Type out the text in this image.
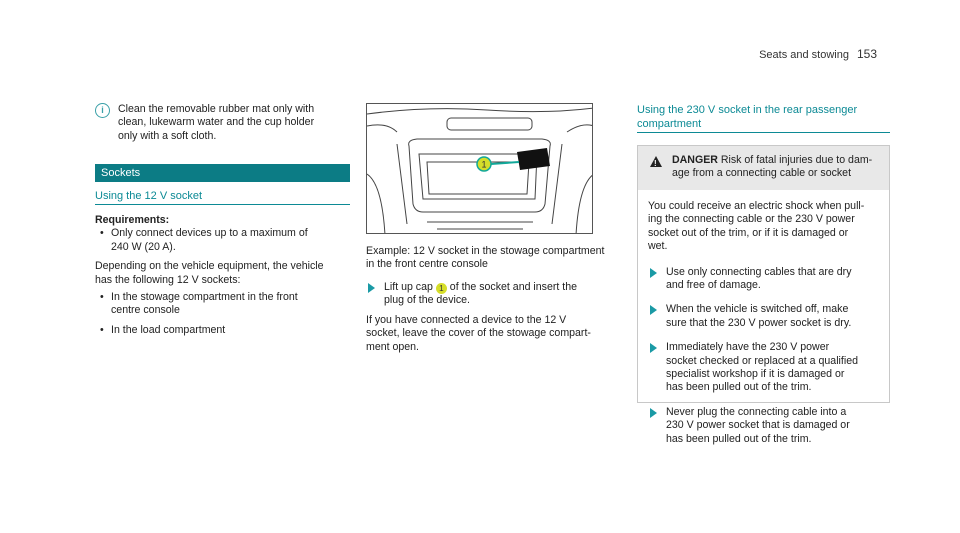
Seats and stowing 153
i	Clean the removable rubber mat only with
clean, lukewarm water and the cup holder
only with a soft cloth.
Sockets
Using the 12 V socket
Requirements:
• Only connect devices up to a maximum of
240 W (20 A).
Depending on the vehicle equipment, the vehicle
has the following 12 V sockets:
• In the stowage compartment in the front
centre console
• In the load compartment
1
Example: 12 V socket in the stowage compartment
in the front centre console
Lift up cap 1 of the socket and insert the
plug of the device.
If you have connected a device to the 12 V
socket, leave the cover of the stowage compart-
ment open.
Using the 230 V socket in the rear passenger
compartment
! DANGER Risk of fatal injuries due to dam-
age from a connecting cable or socket
You could receive an electric shock when pull-
ing the connecting cable or the 230 V power
socket out of the trim, or if it is damaged or
wet.
Use only connecting cables that are dry
and free of damage.
When the vehicle is switched off, make
sure that the 230 V power socket is dry.
Immediately have the 230 V power
socket checked or replaced at a qualified
specialist workshop if it is damaged or
has been pulled out of the trim.
Never plug the connecting cable into a
230 V power socket that is damaged or
has been pulled out of the trim.
